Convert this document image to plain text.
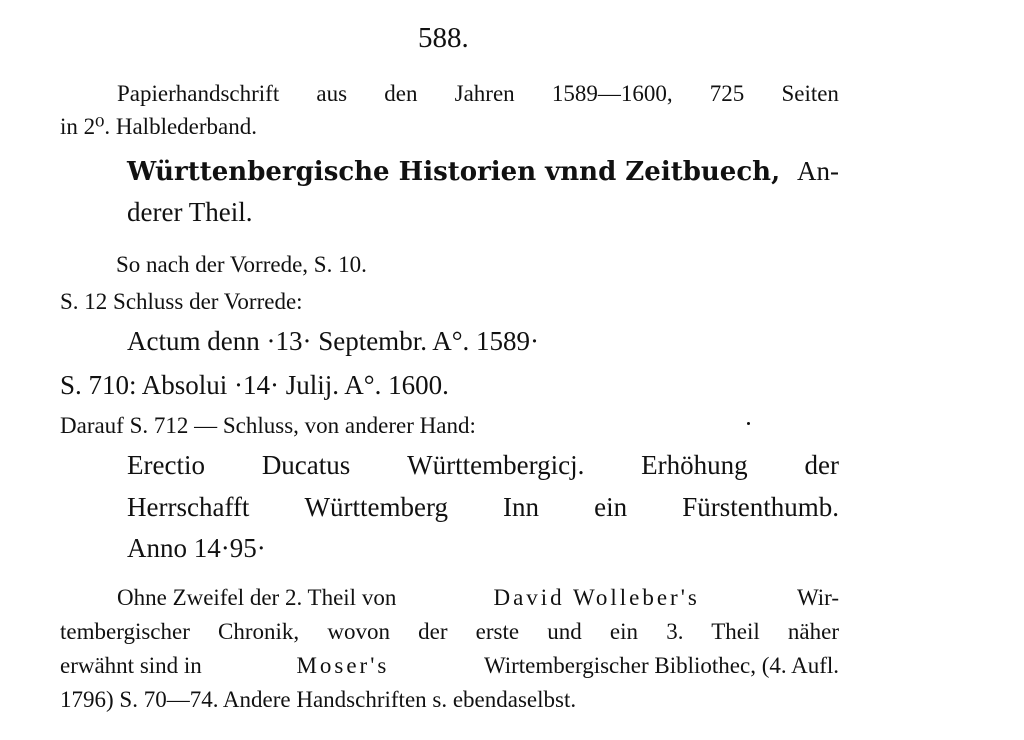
588.
Papierhandschrift aus den Jahren 1589—1600, 725 Seiten
in 2⁰. Halblederband.
Württenbergische Historien vnnd Zeitbuech, An-
derer Theil.
So nach der Vorrede, S. 10.
S. 12 Schluss der Vorrede:
Actum denn ·13· Septembr. A°. 1589·
S. 710: Absolui ·14· Julij. A°. 1600.
Darauf S. 712 — Schluss, von anderer Hand:
Erectio Ducatus Württembergicj. Erhöhung der
Herrschafft Württemberg Inn ein Fürstenthumb.
Anno 14·95·
Ohne Zweifel der 2. Theil von	David Wolleber's	Wir-
tembergischer Chronik, wovon der erste und ein 3. Theil näher
erwähnt sind in	Moser's	Wirtembergischer Bibliothec, (4. Aufl.
1796) S. 70—74. Andere Handschriften s. ebendaselbst.
